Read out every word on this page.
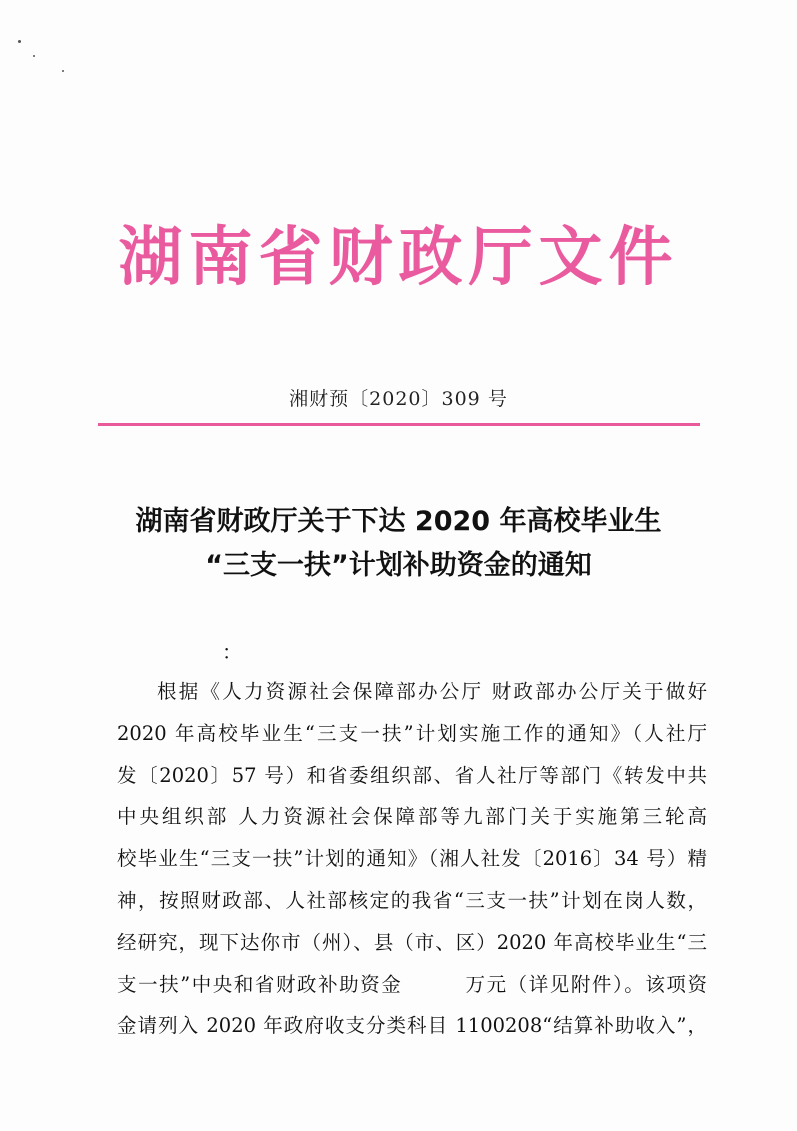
湖南省财政厅文件
湘财预〔2020〕309 号
湖南省财政厅关于下达 2020 年高校毕业生
“三支一扶”计划补助资金的通知
：
根据《人力资源社会保障部办公厅 财政部办公厅关于做好
2020 年高校毕业生“三支一扶”计划实施工作的通知》（人社厅
发〔2020〕57 号）和省委组织部、省人社厅等部门《转发中共
中央组织部 人力资源社会保障部等九部门关于实施第三轮高
校毕业生“三支一扶”计划的通知》（湘人社发〔2016〕34 号）精
神，按照财政部、人社部核定的我省“三支一扶”计划在岗人数，
经研究，现下达你市（州）、县（市、区）2020 年高校毕业生“三
支一扶”中央和省财政补助资金　　　万元（详见附件）。该项资
金请列入 2020 年政府收支分类科目 1100208“结算补助收入”，
